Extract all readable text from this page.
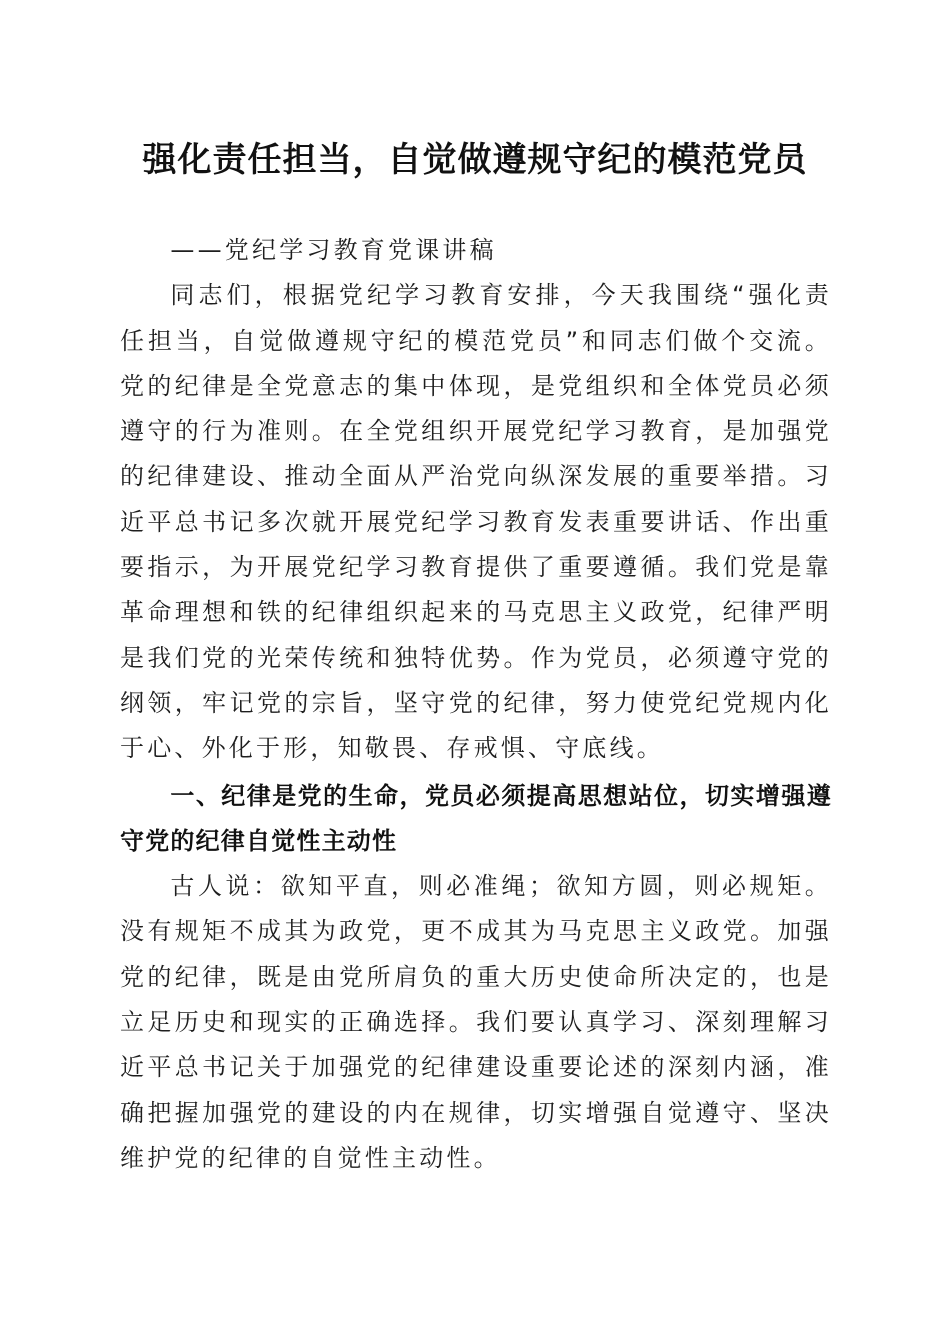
强化责任担当，自觉做遵规守纪的模范党员

——党纪学习教育党课讲稿

同志们，根据党纪学习教育安排，今天我围绕“强化责任担当，自觉做遵规守纪的模范党员”和同志们做个交流。党的纪律是全党意志的集中体现，是党组织和全体党员必须遵守的行为准则。在全党组织开展党纪学习教育，是加强党的纪律建设、推动全面从严治党向纵深发展的重要举措。习近平总书记多次就开展党纪学习教育发表重要讲话、作出重要指示，为开展党纪学习教育提供了重要遵循。我们党是靠革命理想和铁的纪律组织起来的马克思主义政党，纪律严明是我们党的光荣传统和独特优势。作为党员，必须遵守党的纲领，牢记党的宗旨，坚守党的纪律，努力使党纪党规内化于心、外化于形，知敬畏、存戒惧、守底线。

一、纪律是党的生命，党员必须提高思想站位，切实增强遵守党的纪律自觉性主动性

古人说：欲知平直，则必准绳；欲知方圆，则必规矩。没有规矩不成其为政党，更不成其为马克思主义政党。加强党的纪律，既是由党所肩负的重大历史使命所决定的，也是立足历史和现实的正确选择。我们要认真学习、深刻理解习近平总书记关于加强党的纪律建设重要论述的深刻内涵，准确把握加强党的建设的内在规律，切实增强自觉遵守、坚决维护党的纪律的自觉性主动性。
